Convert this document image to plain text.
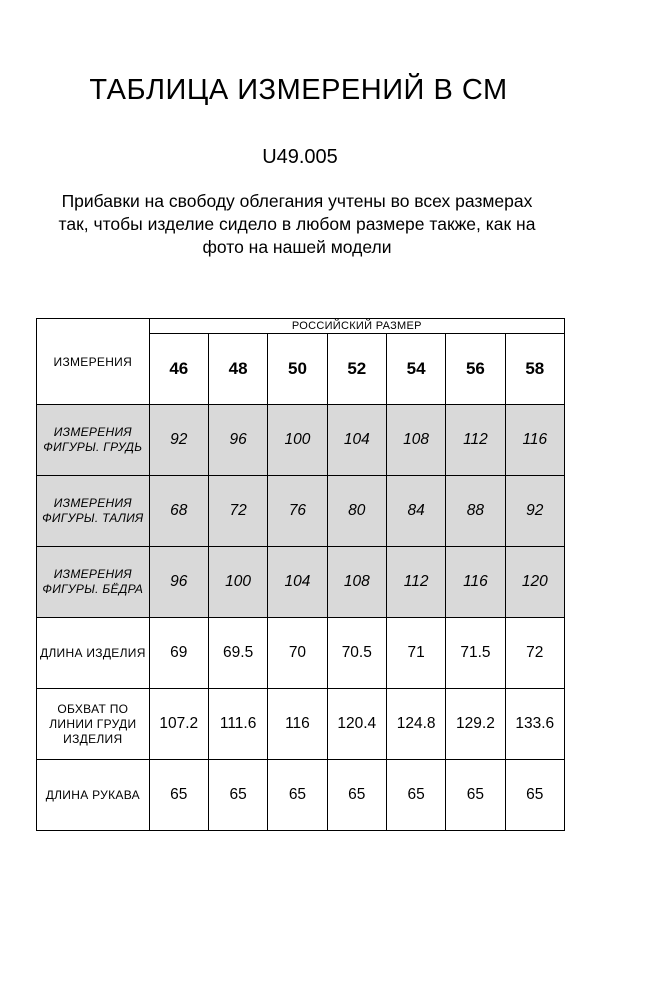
ТАБЛИЦА ИЗМЕРЕНИЙ В СМ
U49.005
Прибавки на свободу облегания учтены во всех размерах
так, чтобы изделие сидело в любом размере также, как на
фото на нашей модели
ИЗМЕРЕНИЯ	РОССИЙСКИЙ РАЗМЕР						
	46	48	50	52	54	56	58

ИЗМЕРЕНИЯ
ФИГУРЫ. ГРУДЬ	92	96	100	104	108	112	116

ИЗМЕРЕНИЯ
ФИГУРЫ. ТАЛИЯ	68	72	76	80	84	88	92

ИЗМЕРЕНИЯ
ФИГУРЫ. БЁДРА	96	100	104	108	112	116	120

ДЛИНА ИЗДЕЛИЯ	69	69.5	70	70.5	71	71.5	72

ОБХВАТ ПО
ЛИНИИ ГРУДИ
ИЗДЕЛИЯ	107.2	111.6	116	120.4	124.8	129.2	133.6

ДЛИНА РУКАВА	65	65	65	65	65	65	65
